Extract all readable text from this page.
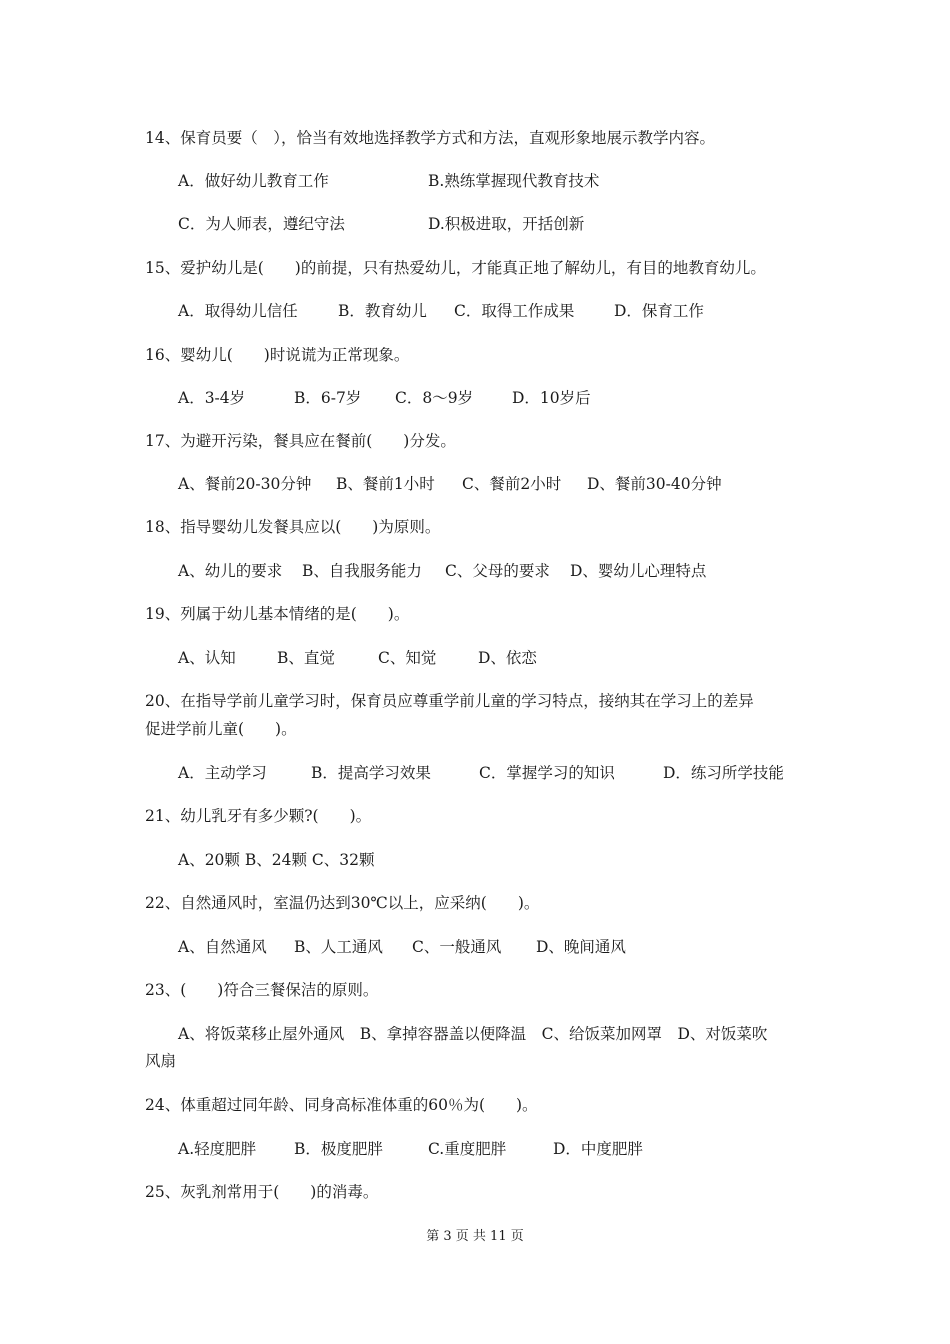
14、保育员要（　），恰当有效地选择教学方式和方法，直观形象地展示教学内容。
A．做好幼儿教育工作	B.熟练掌握现代教育技术
C．为人师表，遵纪守法	D.积极进取，开括创新
15、爱护幼儿是(　　)的前提，只有热爱幼儿，才能真正地了解幼儿，有目的地教育幼儿。
A．取得幼儿信任	B．教育幼儿 C．取得工作成果	D．保育工作
16、婴幼儿(　　)时说谎为正常现象。
A．3-4岁	B．6-7岁 C．8～9岁	D．10岁后
17、为避开污染，餐具应在餐前(　　)分发。
A、餐前20-30分钟 B、餐前1小时 C、餐前2小时 D、餐前30-40分钟
18、指导婴幼儿发餐具应以(　　)为原则。
A、幼儿的要求 B、自我服务能力 C、父母的要求 D、婴幼儿心理特点
19、列属于幼儿基本情绪的是(　　)。
A、认知	B、直觉	C、知觉	D、依恋
20、在指导学前儿童学习时，保育员应尊重学前儿童的学习特点，接纳其在学习上的差异
促进学前儿童(　　)。
A．主动学习	B．提高学习效果	C．掌握学习的知识	D．练习所学技能
21、幼儿乳牙有多少颗?(　　)。
A、20颗 B、24颗 C、32颗
22、自然通风时，室温仍达到30℃以上，应采纳(　　)。
A、自然通风 B、人工通风 C、一般通风 D、晚间通风
23、(　　)符合三餐保洁的原则。
A、将饭菜移止屋外通风　B、拿掉容器盖以便降温　C、给饭菜加网罩　D、对饭菜吹
风扇
24、体重超过同年龄、同身高标准体重的60％为(　　)。
A.轻度肥胖 B．极度肥胖	C.重度肥胖	D．中度肥胖
25、灰乳剂常用于(　　)的消毒。
第 3 页 共 11 页
